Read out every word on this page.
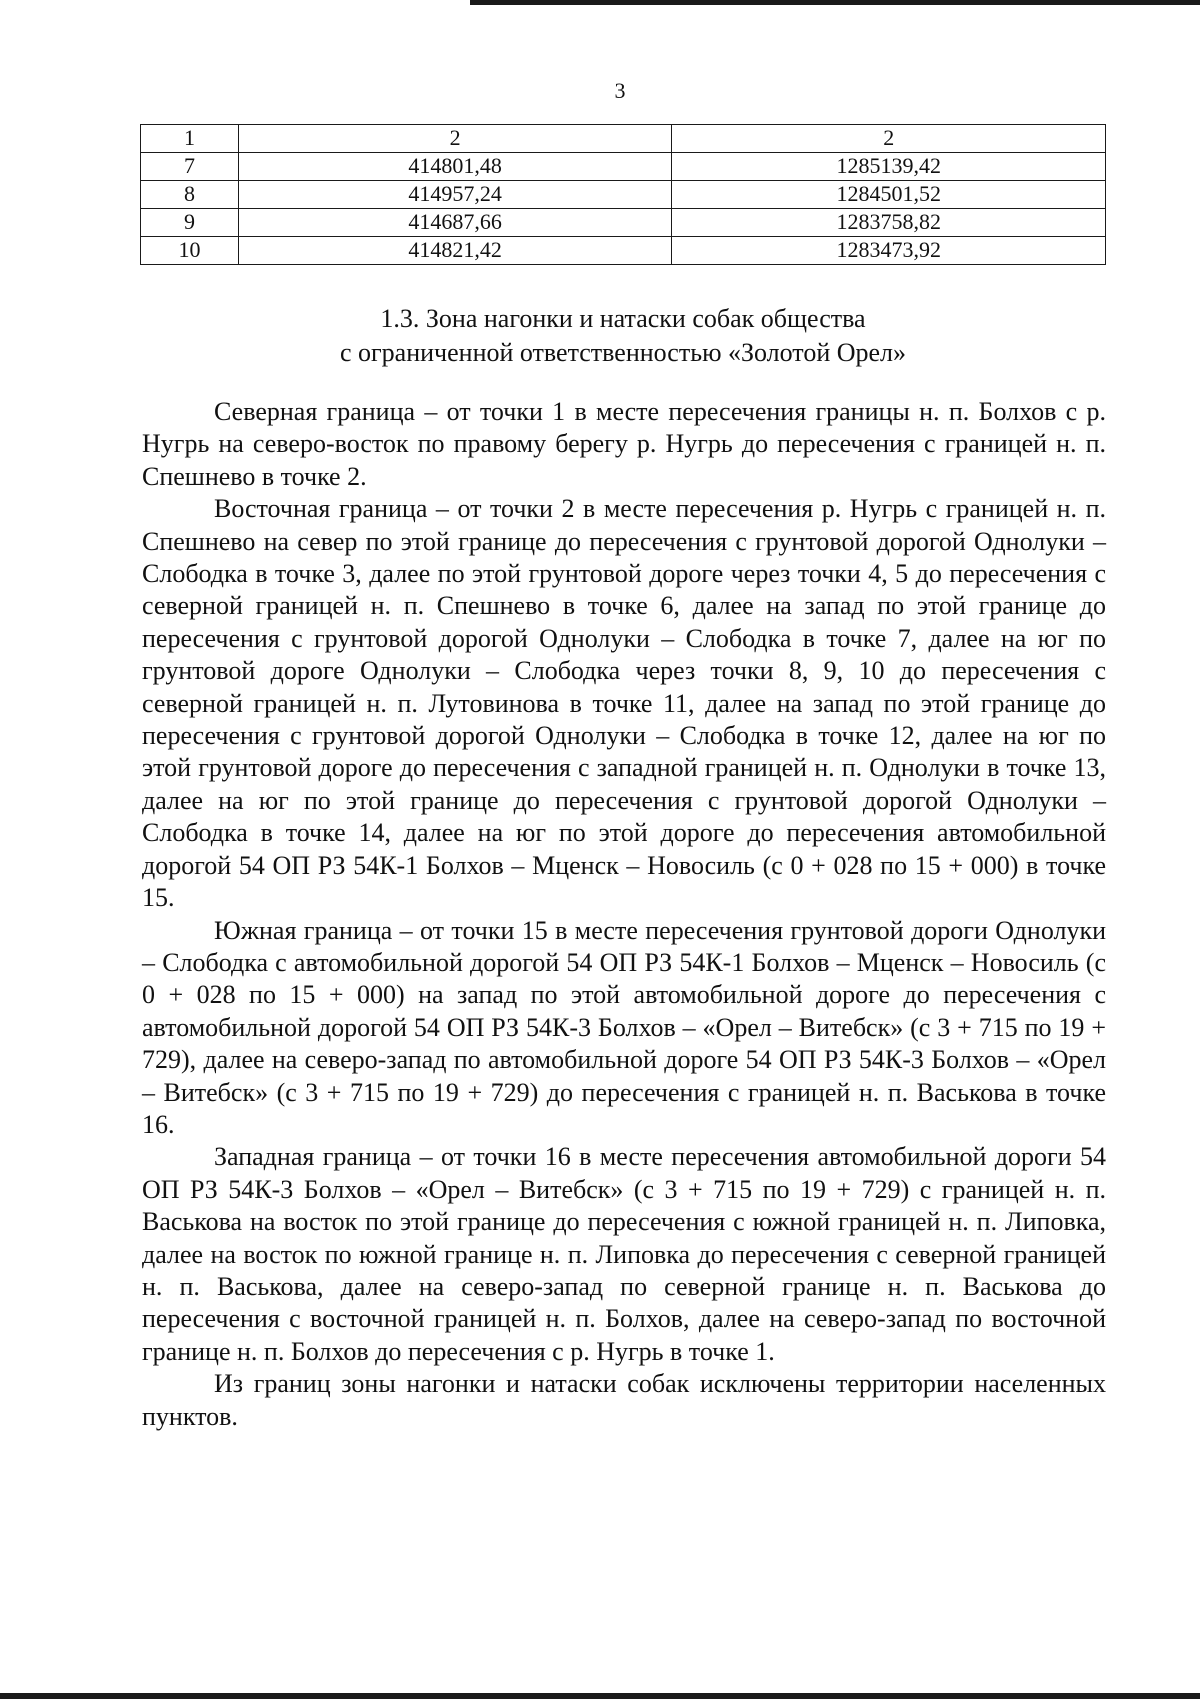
3
1	2	2
7	414801,48	1285139,42
8	414957,24	1284501,52
9	414687,66	1283758,82
10	414821,42	1283473,92
1.3. Зона нагонки и натаски собак общества
с ограниченной ответственностью «Золотой Орел»

Северная граница – от точки 1 в месте пересечения границы н. п. Болхов с р. Нугрь на северо-восток по правому берегу р. Нугрь до пересечения с границей н. п. Спешнево в точке 2.

Восточная граница – от точки 2 в месте пересечения р. Нугрь с границей н. п. Спешнево на север по этой границе до пересечения с грунтовой дорогой Однолуки – Слободка в точке 3, далее по этой грунтовой дороге через точки 4, 5 до пересечения с северной границей н. п. Спешнево в точке 6, далее на запад по этой границе до пересечения с грунтовой дорогой Однолуки – Слободка в точке 7, далее на юг по грунтовой дороге Однолуки – Слободка через точки 8, 9, 10 до пересечения с северной границей н. п. Лутовинова в точке 11, далее на запад по этой границе до пересечения с грунтовой дорогой Однолуки – Слободка в точке 12, далее на юг по этой грунтовой дороге до пересечения с западной границей н. п. Однолуки в точке 13, далее на юг по этой границе до пересечения с грунтовой дорогой Однолуки – Слободка в точке 14, далее на юг по этой дороге до пересечения автомобильной дорогой 54 ОП РЗ 54К-1 Болхов – Мценск – Новосиль (с 0 + 028 по 15 + 000) в точке 15.

Южная граница – от точки 15 в месте пересечения грунтовой дороги Однолуки – Слободка с автомобильной дорогой 54 ОП РЗ 54К-1 Болхов – Мценск – Новосиль (с 0 + 028 по 15 + 000) на запад по этой автомобильной дороге до пересечения с автомобильной дорогой 54 ОП РЗ 54К-3 Болхов – «Орел – Витебск» (с 3 + 715 по 19 + 729), далее на северо-запад по автомобильной дороге 54 ОП РЗ 54К-3 Болхов – «Орел – Витебск» (с 3 + 715 по 19 + 729) до пересечения с границей н. п. Васькова в точке 16.

Западная граница – от точки 16 в месте пересечения автомобильной дороги 54 ОП РЗ 54К-3 Болхов – «Орел – Витебск» (с 3 + 715 по 19 + 729) с границей н. п. Васькова на восток по этой границе до пересечения с южной границей н. п. Липовка, далее на восток по южной границе н. п. Липовка до пересечения с северной границей н. п. Васькова, далее на северо-запад по северной границе н. п. Васькова до пересечения с восточной границей н. п. Болхов, далее на северо-запад по восточной границе н. п. Болхов до пересечения с р. Нугрь в точке 1.

Из границ зоны нагонки и натаски собак исключены территории населенных пунктов.
